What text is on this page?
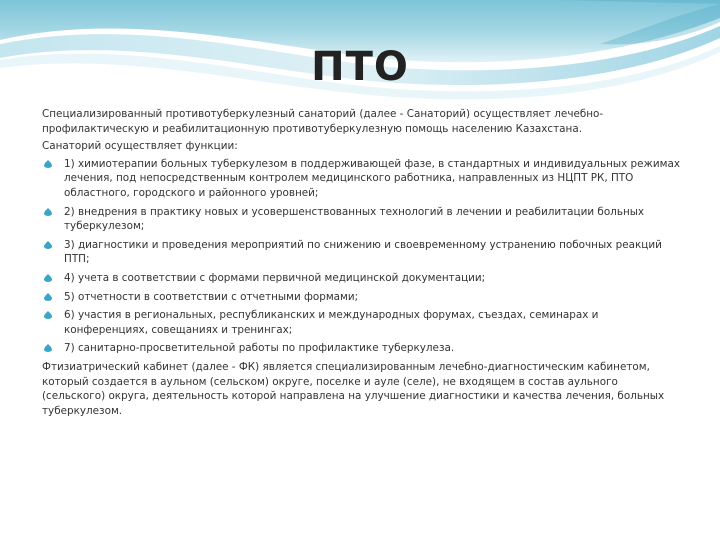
ПТО

Специализированный противотуберкулезный санаторий (далее - Санаторий) осуществляет лечебно-профилактическую и реабилитационную противотуберкулезную помощь населению Казахстана.

Санаторий осуществляет функции:

1) химиотерапии больных туберкулезом в поддерживающей фазе, в стандартных и индивидуальных режимах лечения, под непосредственным контролем медицинского работника, направленных из НЦПТ РК, ПТО областного, городского и районного уровней;
2) внедрения в практику новых и усовершенствованных технологий в лечении и реабилитации больных туберкулезом;
3) диагностики и проведения мероприятий по снижению и своевременному устранению побочных реакций ПТП;
4) учета в соответствии с формами первичной медицинской документации;
5) отчетности в соответствии с отчетными формами;
6) участия в региональных, республиканских и международных форумах, съездах, семинарах и конференциях, совещаниях и тренингах;
7) санитарно-просветительной работы по профилактике туберкулеза.

Фтизиатрический кабинет (далее - ФК) является специализированным лечебно-диагностическим кабинетом, который создается в аульном (сельском) округе, поселке и ауле (селе), не входящем в состав аульного (сельского) округа, деятельность которой направлена на улучшение диагностики и качества лечения, больных туберкулезом.
